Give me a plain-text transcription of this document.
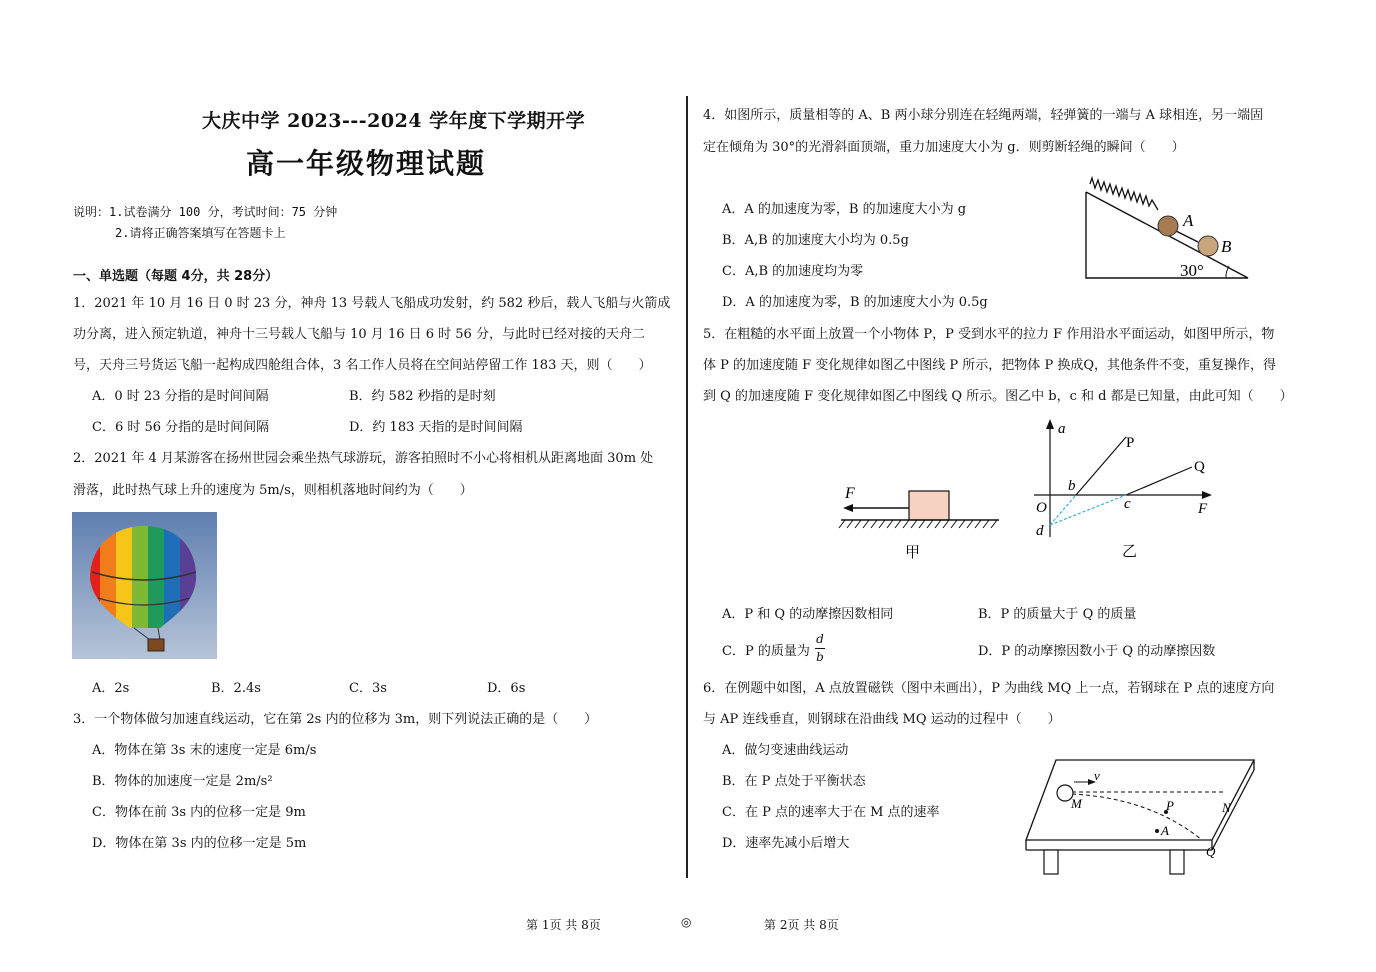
大庆中学 2023---2024 学年度下学期开学
高一年级物理试题
说明：1.试卷满分 100 分，考试时间：75 分钟
2.请将正确答案填写在答题卡上
一、单选题（每题 4分，共 28分）
1．2021 年 10 月 16 日 0 时 23 分，神舟 13 号载人飞船成功发射，约 582 秒后，载人飞船与火箭成
功分离，进入预定轨道，神舟十三号载人飞船与 10 月 16 日 6 时 56 分，与此时已经对接的天舟二
号，天舟三号货运飞船一起构成四舱组合体，3 名工作人员将在空间站停留工作 183 天，则（　　）
A．0 时 23 分指的是时间间隔	B．约 582 秒指的是时刻
C．6 时 56 分指的是时间间隔	D．约 183 天指的是时间间隔
2．2021 年 4 月某游客在扬州世园会乘坐热气球游玩，游客拍照时不小心将相机从距离地面 30m 处
滑落，此时热气球上升的速度为 5m/s，则相机落地时间约为（　　）
A．2s	B．2.4s	C．3s	D．6s
3．一个物体做匀加速直线运动，它在第 2s 内的位移为 3m，则下列说法正确的是（　　）
A．物体在第 3s 末的速度一定是 6m/s
B．物体的加速度一定是 2m/s²
C．物体在前 3s 内的位移一定是 9m
D．物体在第 3s 内的位移一定是 5m
4．如图所示，质量相等的 A、B 两小球分别连在轻绳两端，轻弹簧的一端与 A 球相连，另一端固
定在倾角为 30°的光滑斜面顶端，重力加速度大小为 g．则剪断轻绳的瞬间（　　）
A．A 的加速度为零，B 的加速度大小为 g
B．A,B 的加速度大小均为 0.5g
C．A,B 的加速度均为零
D．A 的加速度为零，B 的加速度大小为 0.5g
A
B
30°
5．在粗糙的水平面上放置一个小物体 P，P 受到水平的拉力 F 作用沿水平面运动，如图甲所示，物
体 P 的加速度随 F 变化规律如图乙中图线 P 所示，把物体 P 换成Q，其他条件不变，重复操作，得
到 Q 的加速度随 F 变化规律如图乙中图线 Q 所示。图乙中 b，c 和 d 都是已知量，由此可知（　　）
F
甲
a
P
Q
b
c
O
d
F
乙
A．P 和 Q 的动摩擦因数相同	B．P 的质量大于 Q 的质量
C．P 的质量为
d
b	D．P 的动摩擦因数小于 Q 的动摩擦因数
6．在例题中如图，A 点放置磁铁（图中未画出），P 为曲线 MQ 上一点，若钢球在 P 点的速度方向
与 AP 连线垂直，则钢球在沿曲线 MQ 运动的过程中（　　）
A．做匀变速曲线运动
B．在 P 点处于平衡状态
C．在 P 点的速率大于在 M 点的速率
D．速率先减小后增大
v
M	P	N
A
Q
第 1页 共 8页	◎	第 2页 共 8页
